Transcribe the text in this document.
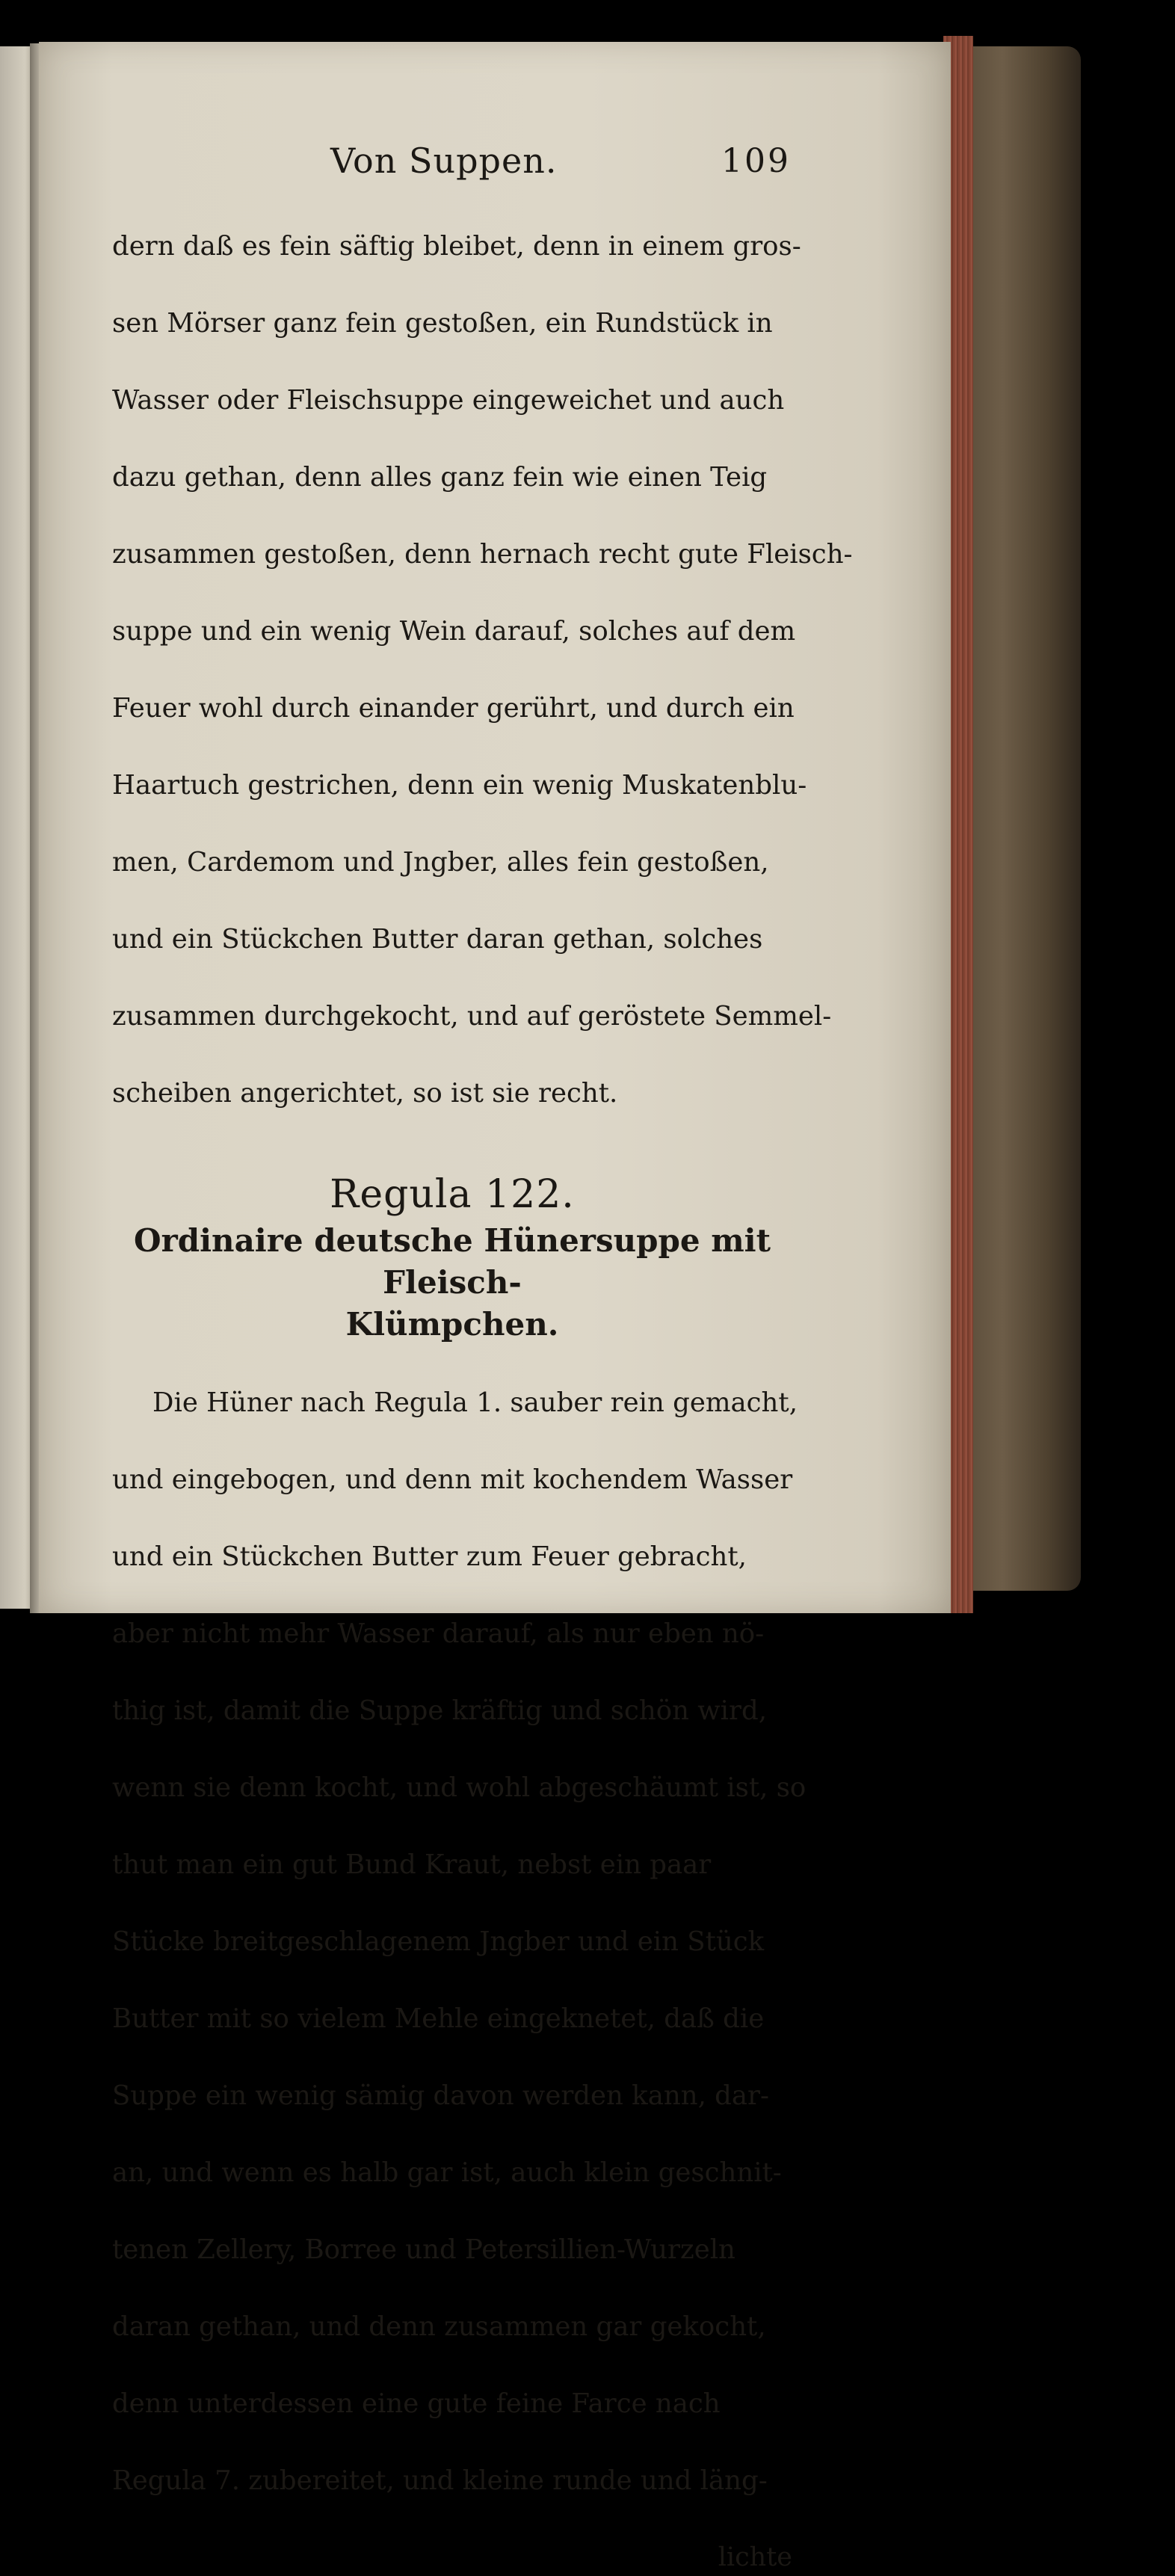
Von Suppen.	109

dern daß es fein säftig bleibet, denn in einem gros-

sen Mörser ganz fein gestoßen, ein Rundstück in

Wasser oder Fleischsuppe eingeweichet und auch

dazu gethan, denn alles ganz fein wie einen Teig

zusammen gestoßen, denn hernach recht gute Fleisch-

suppe und ein wenig Wein darauf, solches auf dem

Feuer wohl durch einander gerührt, und durch ein

Haartuch gestrichen, denn ein wenig Muskatenblu-

men, Cardemom und Jngber, alles fein gestoßen,

und ein Stückchen Butter daran gethan, solches

zusammen durchgekocht, und auf geröstete Semmel-

scheiben angerichtet, so ist sie recht.

Regula 122.
Ordinaire deutsche Hünersuppe mit Fleisch-
Klümpchen.

Die Hüner nach Regula 1. sauber rein gemacht,

und eingebogen, und denn mit kochendem Wasser

und ein Stückchen Butter zum Feuer gebracht,

aber nicht mehr Wasser darauf, als nur eben nö-

thig ist, damit die Suppe kräftig und schön wird,

wenn sie denn kocht, und wohl abgeschäumt ist, so

thut man ein gut Bund Kraut, nebst ein paar

Stücke breitgeschlagenem Jngber und ein Stück

Butter mit so vielem Mehle eingeknetet, daß die

Suppe ein wenig sämig davon werden kann, dar-

an, und wenn es halb gar ist, auch klein geschnit-

tenen Zellery, Borree und Petersillien-Wurzeln

daran gethan, und denn zusammen gar gekocht,

denn unterdessen eine gute feine Farce nach

Regula 7. zubereitet, und kleine runde und läng-

lichte
